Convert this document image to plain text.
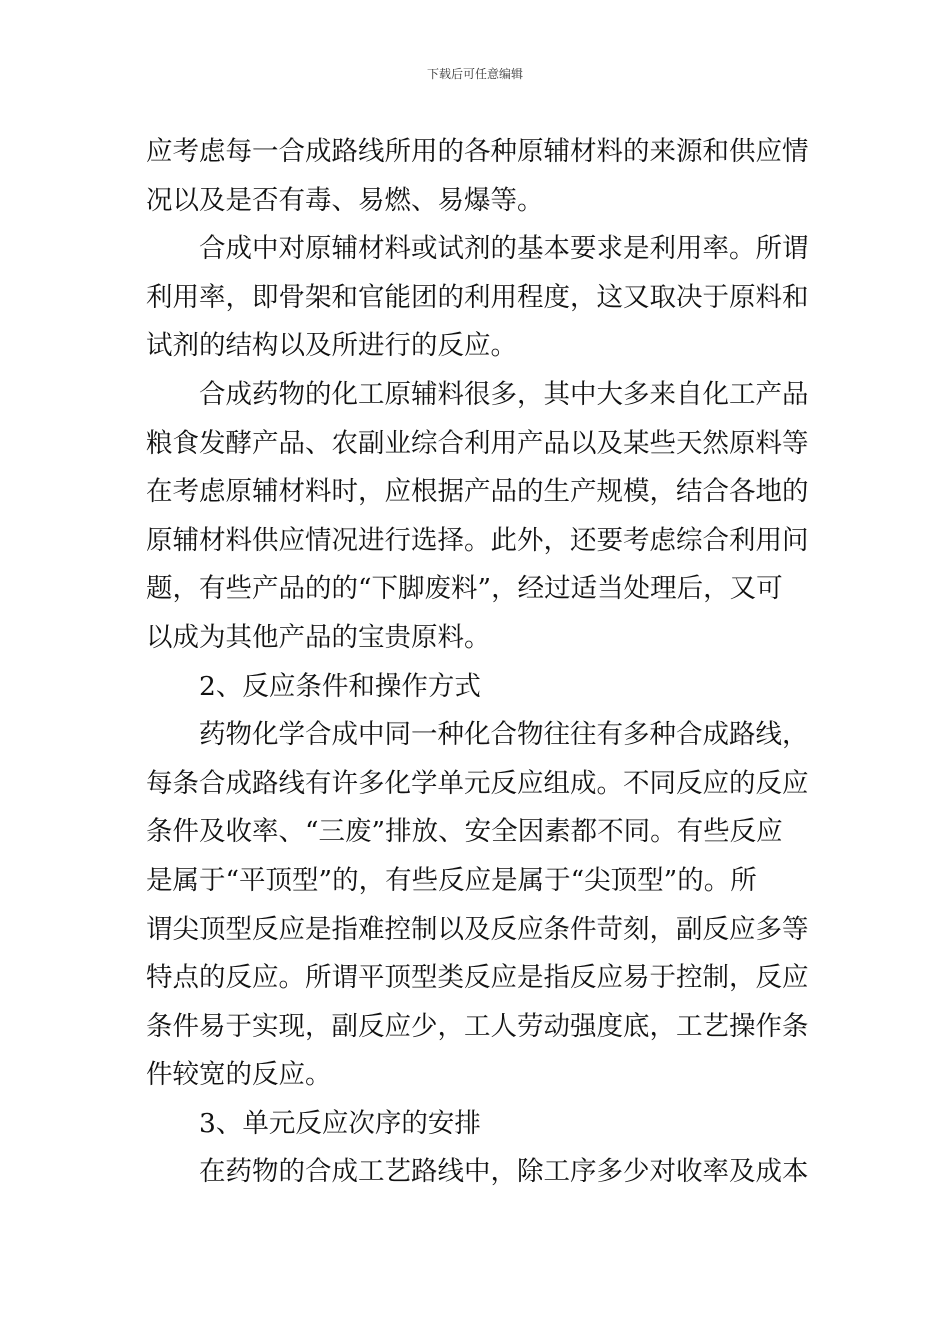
下载后可任意编辑
应考虑每一合成路线所用的各种原辅材料的来源和供应情
况以及是否有毒、易燃、易爆等。
合成中对原辅材料或试剂的基本要求是利用率。所谓
利用率，即骨架和官能团的利用程度，这又取决于原料和
试剂的结构以及所进行的反应。
合成药物的化工原辅料很多，其中大多来自化工产品
粮食发酵产品、农副业综合利用产品以及某些天然原料等
在考虑原辅材料时，应根据产品的生产规模，结合各地的
原辅材料供应情况进行选择。此外，还要考虑综合利用问
题，有些产品的的“下脚废料”，经过适当处理后，又可
以成为其他产品的宝贵原料。
2、反应条件和操作方式
药物化学合成中同一种化合物往往有多种合成路线，
每条合成路线有许多化学单元反应组成。不同反应的反应
条件及收率、“三废”排放、安全因素都不同。有些反应
是属于“平顶型”的，有些反应是属于“尖顶型”的。所
谓尖顶型反应是指难控制以及反应条件苛刻，副反应多等
特点的反应。所谓平顶型类反应是指反应易于控制，反应
条件易于实现，副反应少，工人劳动强度底，工艺操作条
件较宽的反应。
3、单元反应次序的安排
在药物的合成工艺路线中，除工序多少对收率及成本
